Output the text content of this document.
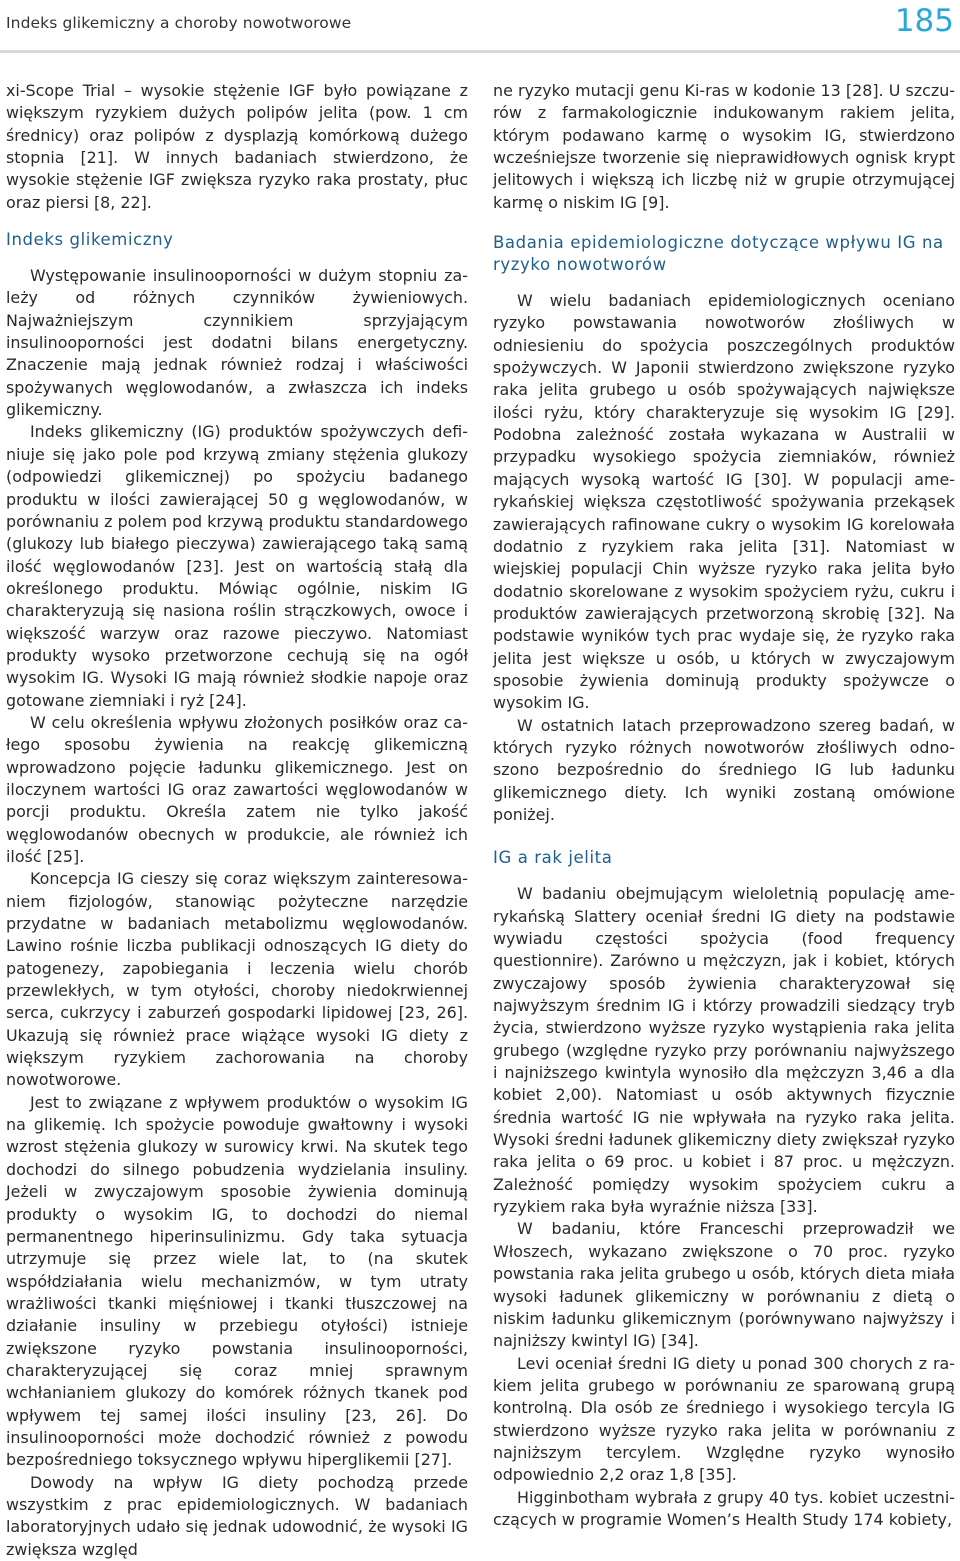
Indeks glikemiczny a choroby nowotworowe	185

xi-Scope Trial – wysokie stężenie IGF było powiązane z większym ryzykiem dużych polipów jelita (pow. 1 cm średnicy) oraz polipów z dysplazją komórkową dużego stopnia [21]. W innych badaniach stwierdzono, że wysokie stężenie IGF zwiększa ryzyko raka prostaty, płuc oraz piersi [8, 22].

Indeks glikemiczny

Występowanie insulinooporności w dużym stopniu zależy od różnych czynników żywieniowych. Najważniejszym czynnikiem sprzyjającym insulinooporności jest dodatni bilans energetyczny. Znaczenie mają jednak również rodzaj i właściwości spożywanych węglowodanów, a zwłaszcza ich indeks glikemiczny.

Indeks glikemiczny (IG) produktów spożywczych definiuje się jako pole pod krzywą zmiany stężenia glukozy (odpowiedzi glikemicznej) po spożyciu badanego produktu w ilości zawierającej 50 g węglowodanów, w porównaniu z polem pod krzywą produktu standardowego (glukozy lub białego pieczywa) zawierającego taką samą ilość węglowodanów [23]. Jest on wartością stałą dla określonego produktu. Mówiąc ogólnie, niskim IG charakteryzują się nasiona roślin strączkowych, owoce i większość warzyw oraz razowe pieczywo. Natomiast produkty wysoko przetworzone cechują się na ogół wysokim IG. Wysoki IG mają również słodkie napoje oraz gotowane ziemniaki i ryż [24].

W celu określenia wpływu złożonych posiłków oraz całego sposobu żywienia na reakcję glikemiczną wprowadzono pojęcie ładunku glikemicznego. Jest on iloczynem wartości IG oraz zawartości węglowodanów w porcji produktu. Określa zatem nie tylko jakość węglowodanów obecnych w produkcie, ale również ich ilość [25].

Koncepcja IG cieszy się coraz większym zainteresowaniem fizjologów, stanowiąc pożyteczne narzędzie przydatne w badaniach metabolizmu węglowodanów. Lawino rośnie liczba publikacji odnoszących IG diety do patogenezy, zapobiegania i leczenia wielu chorób przewlekłych, w tym otyłości, choroby niedokrwiennej serca, cukrzycy i zaburzeń gospodarki lipidowej [23, 26]. Ukazują się również prace wiążące wysoki IG diety z większym ryzykiem zachorowania na choroby nowotworowe.

Jest to związane z wpływem produktów o wysokim IG na glikemię. Ich spożycie powoduje gwałtowny i wysoki wzrost stężenia glukozy w surowicy krwi. Na skutek tego dochodzi do silnego pobudzenia wydzielania insuliny. Jeżeli w zwyczajowym sposobie żywienia dominują produkty o wysokim IG, to dochodzi do niemal permanentnego hiperinsulinizmu. Gdy taka sytuacja utrzymuje się przez wiele lat, to (na skutek współdziałania wielu mechanizmów, w tym utraty wrażliwości tkanki mięśniowej i tkanki tłuszczowej na działanie insuliny w przebiegu otyłości) istnieje zwiększone ryzyko powstania insulinooporności, charakteryzującej się coraz mniej sprawnym wchłanianiem glukozy do komórek różnych tkanek pod wpływem tej samej ilości insuliny [23, 26]. Do insulinooporności może dochodzić również z powodu bezpośredniego toksycznego wpływu hiperglikemii [27].

Dowody na wpływ IG diety pochodzą przede wszystkim z prac epidemiologicznych. W badaniach laboratoryjnych udało się jednak udowodnić, że wysoki IG zwiększa względ

ne ryzyko mutacji genu Ki-ras w kodonie 13 [28]. U szczurów z farmakologicznie indukowanym rakiem jelita, którym podawano karmę o wysokim IG, stwierdzono wcześniejsze tworzenie się nieprawidłowych ognisk krypt jelitowych i większą ich liczbę niż w grupie otrzymującej karmę o niskim IG [9].

Badania epidemiologiczne dotyczące wpływu IG na ryzyko nowotworów

W wielu badaniach epidemiologicznych oceniano ryzyko powstawania nowotworów złośliwych w odniesieniu do spożycia poszczególnych produktów spożywczych. W Japonii stwierdzono zwiększone ryzyko raka jelita grubego u osób spożywających największe ilości ryżu, który charakteryzuje się wysokim IG [29]. Podobna zależność została wykazana w Australii w przypadku wysokiego spożycia ziemniaków, również mających wysoką wartość IG [30]. W populacji amerykańskiej większa częstotliwość spożywania przekąsek zawierających rafinowane cukry o wysokim IG korelowała dodatnio z ryzykiem raka jelita [31]. Natomiast w wiejskiej populacji Chin wyższe ryzyko raka jelita było dodatnio skorelowane z wysokim spożyciem ryżu, cukru i produktów zawierających przetworzoną skrobię [32]. Na podstawie wyników tych prac wydaje się, że ryzyko raka jelita jest większe u osób, u których w zwyczajowym sposobie żywienia dominują produkty spożywcze o wysokim IG.

W ostatnich latach przeprowadzono szereg badań, w których ryzyko różnych nowotworów złośliwych odnoszono bezpośrednio do średniego IG lub ładunku glikemicznego diety. Ich wyniki zostaną omówione poniżej.

IG a rak jelita

W badaniu obejmującym wieloletnią populację amerykańską Slattery oceniał średni IG diety na podstawie wywiadu częstości spożycia (food frequency questionnire). Zarówno u mężczyzn, jak i kobiet, których zwyczajowy sposób żywienia charakteryzował się najwyższym średnim IG i którzy prowadzili siedzący tryb życia, stwierdzono wyższe ryzyko wystąpienia raka jelita grubego (względne ryzyko przy porównaniu najwyższego i najniższego kwintyla wynosiło dla mężczyzn 3,46 a dla kobiet 2,00). Natomiast u osób aktywnych fizycznie średnia wartość IG nie wpływała na ryzyko raka jelita. Wysoki średni ładunek glikemiczny diety zwiększał ryzyko raka jelita o 69 proc. u kobiet i 87 proc. u mężczyzn. Zależność pomiędzy wysokim spożyciem cukru a ryzykiem raka była wyraźnie niższa [33].

W badaniu, które Franceschi przeprowadził we Włoszech, wykazano zwiększone o 70 proc. ryzyko powstania raka jelita grubego u osób, których dieta miała wysoki ładunek glikemiczny w porównaniu z dietą o niskim ładunku glikemicznym (porównywano najwyższy i najniższy kwintyl IG) [34].

Levi oceniał średni IG diety u ponad 300 chorych z rakiem jelita grubego w porównaniu ze sparowaną grupą kontrolną. Dla osób ze średniego i wysokiego tercyla IG stwierdzono wyższe ryzyko raka jelita w porównaniu z najniższym tercylem. Względne ryzyko wynosiło odpowiednio 2,2 oraz 1,8 [35].

Higginbotham wybrała z grupy 40 tys. kobiet uczestniczących w programie Women’s Health Study 174 kobiety,
